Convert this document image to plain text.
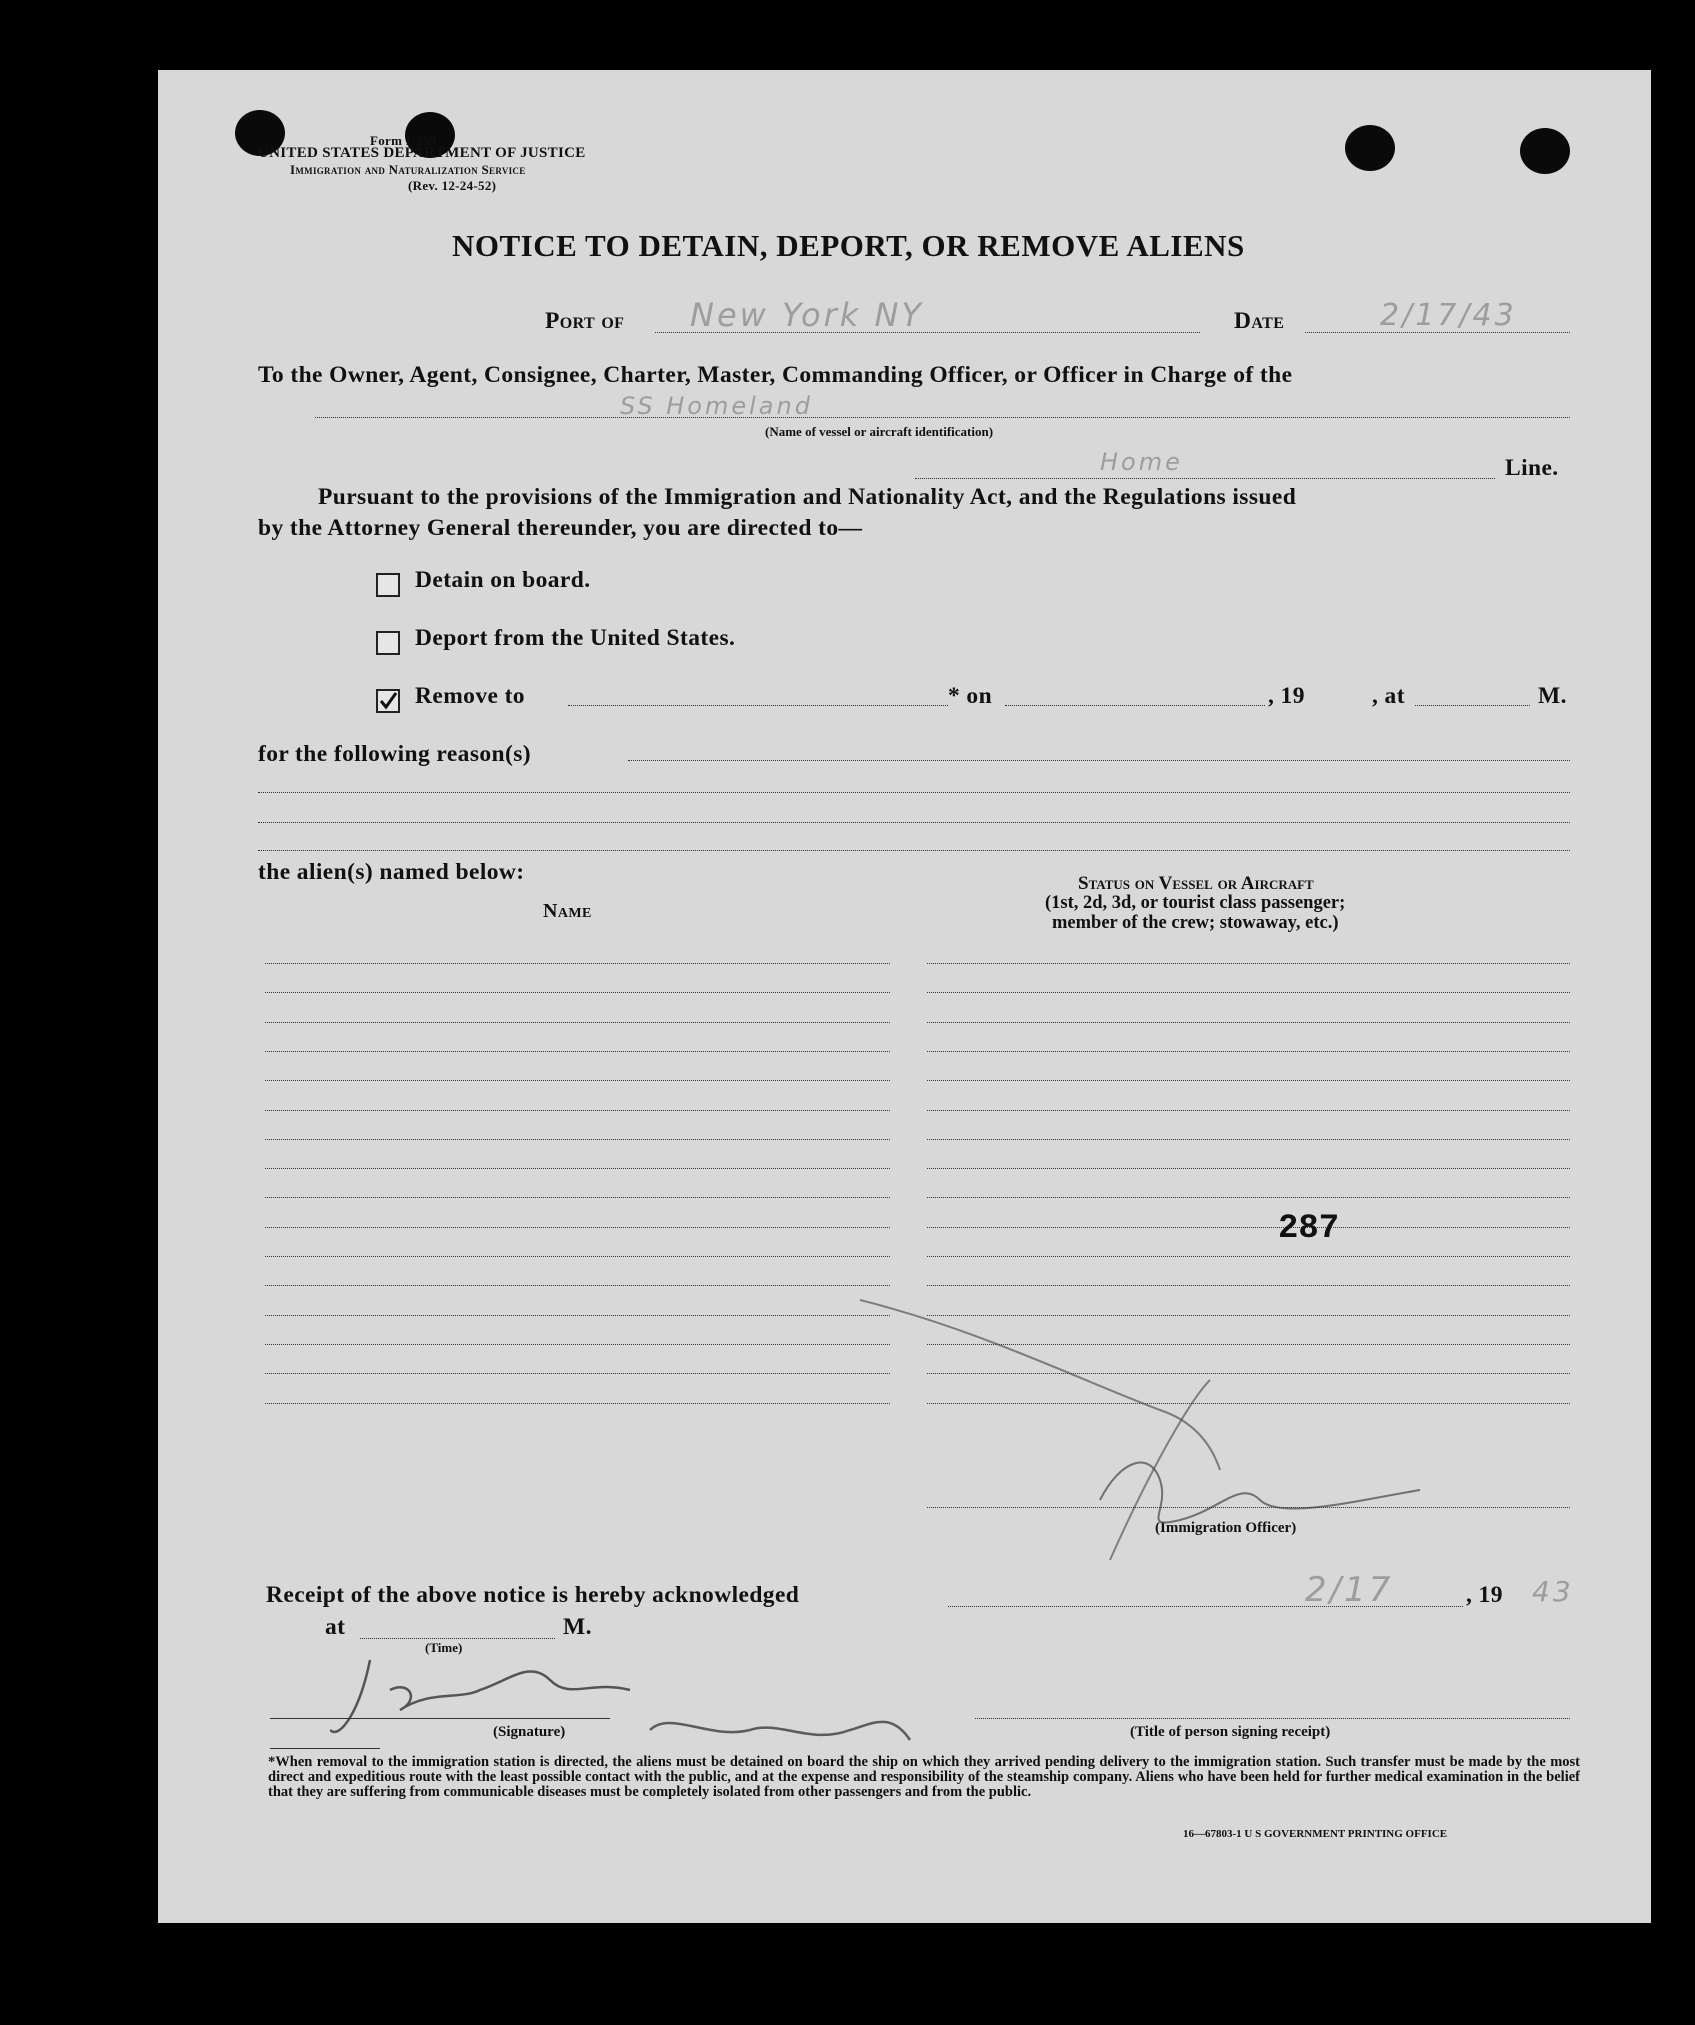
Form I-259
UNITED STATES DEPARTMENT OF JUSTICE
Immigration and Naturalization Service
(Rev. 12-24-52)
NOTICE TO DETAIN, DEPORT, OR REMOVE ALIENS
Port of New York NY	Date	2/17/43
To the Owner, Agent, Consignee, Charter, Master, Commanding Officer, or Officer in Charge of the
SS Homeland
(Name of vessel or aircraft identification)
Home	Line.
Pursuant to the provisions of the Immigration and Nationality Act, and the Regulations issued
by the Attorney General thereunder, you are directed to—
Detain on board.
Deport from the United States.
Remove to	* on	, 19	, at	M.
for the following reason(s)
the alien(s) named below:
Name
Status on Vessel or Aircraft
(1st, 2d, 3d, or tourist class passenger;
member of the crew; stowaway, etc.)
287
(Immigration Officer)
Receipt of the above notice is hereby acknowledged	2/17	, 19 43
at	M.
(Time)
(Signature)	(Title of person signing receipt)
*When removal to the immigration station is directed, the aliens must be detained on board the ship on which they arrived pending delivery to the immigration station. Such transfer must be made by the most direct and expeditious route with the least possible contact with the public, and at the expense and responsibility of the steamship company. Aliens who have been held for further medical examination in the belief that they are suffering from communicable diseases must be completely isolated from other passengers and from the public.
16—67803-1 U S GOVERNMENT PRINTING OFFICE
